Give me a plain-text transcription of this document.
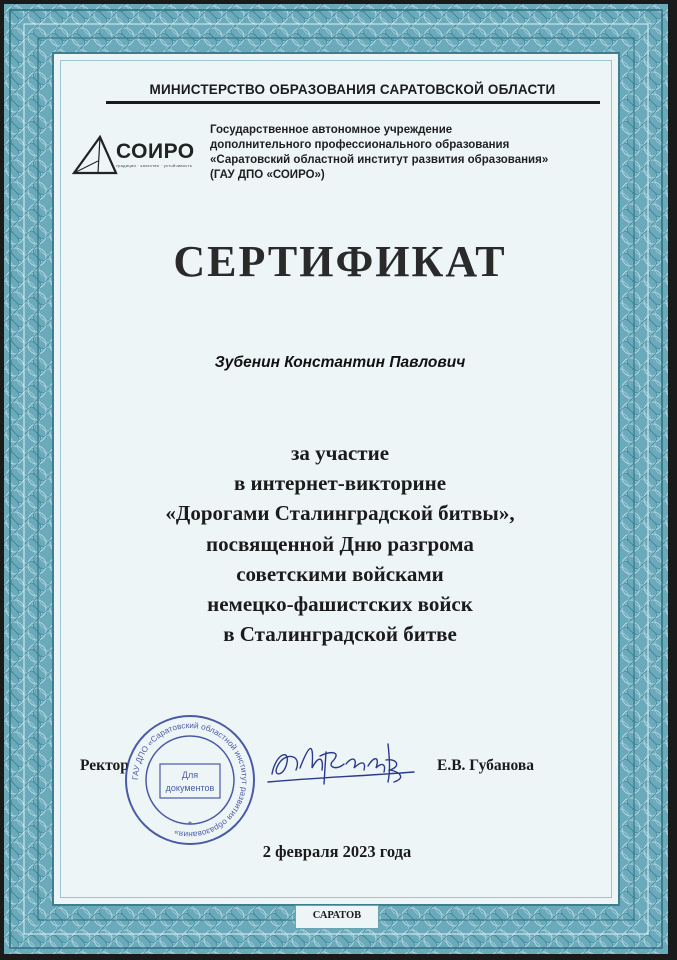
МИНИСТЕРСТВО ОБРАЗОВАНИЯ САРАТОВСКОЙ ОБЛАСТИ
СОИРО
традиции · качество · устойчивость
Государственное автономное учреждение
дополнительного профессионального образования
«Саратовский областной институт развития образования»
(ГАУ ДПО «СОИРО»)
СЕРТИФИКАТ
Зубенин Константин Павлович
за участие
в интернет-викторине
«Дорогами Сталинградской битвы»,
посвященной Дню разгрома
советскими войсками
немецко-фашистских войск
в Сталинградской битве
Ректор
ГАУ ДПО «Саратовский областной институт развития образования»
Для
документов
*
Е.В. Губанова
2 февраля 2023 года
САРАТОВ
